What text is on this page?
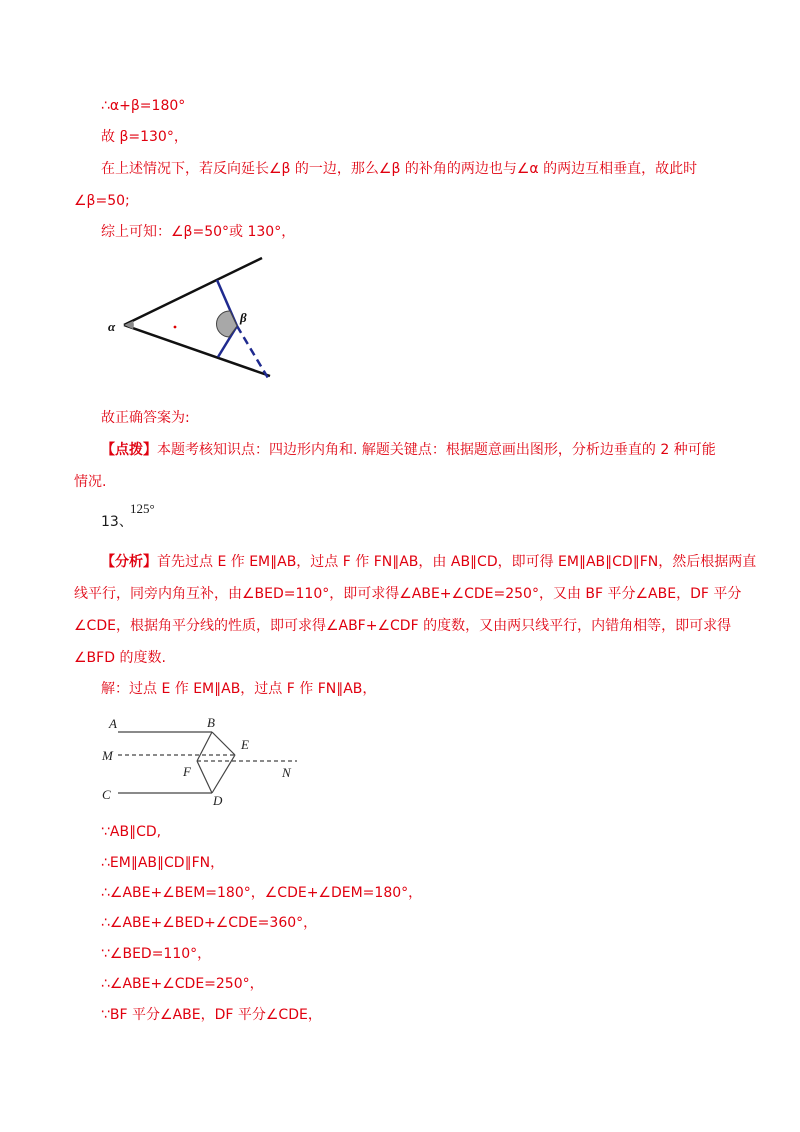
∴α+β=180°
故 β=130°，
在上述情况下，若反向延长∠β 的一边，那么∠β 的补角的两边也与∠α 的两边互相垂直，故此时
∠β=50;
综上可知：∠β=50°或 130°，
α
β
故正确答案为:
【点拨】本题考核知识点：四边形内角和. 解题关键点：根据题意画出图形，分析边垂直的 2 种可能
情况.
13、
125°
【分析】首先过点 E 作 EM∥AB，过点 F 作 FN∥AB，由 AB∥CD，即可得 EM∥AB∥CD∥FN，然后根据两直
线平行，同旁内角互补，由∠BED=110°，即可求得∠ABE+∠CDE=250°，又由 BF 平分∠ABE，DF 平分
∠CDE，根据角平分线的性质，即可求得∠ABF+∠CDF 的度数，又由两只线平行，内错角相等，即可求得
∠BFD 的度数.
解：过点 E 作 EM∥AB，过点 F 作 FN∥AB，
A	B
M
E
F	N
C	D
∵AB∥CD,
∴EM∥AB∥CD∥FN，
∴∠ABE+∠BEM=180°，∠CDE+∠DEM=180°，
∴∠ABE+∠BED+∠CDE=360°，
∵∠BED=110°，
∴∠ABE+∠CDE=250°，
∵BF 平分∠ABE，DF 平分∠CDE，
